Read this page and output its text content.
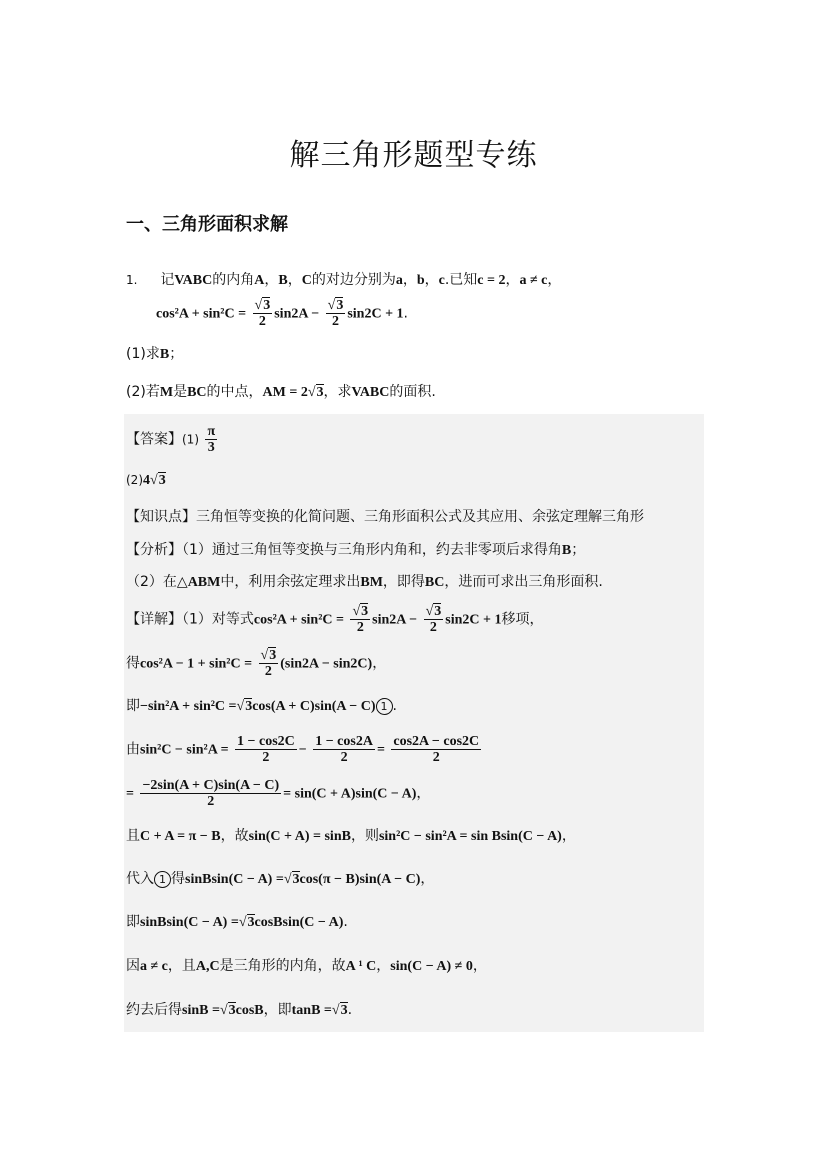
解三角形题型专练
一、三角形面积求解
1. 记VABC的内角A，B，C的对边分别为a，b，c.已知c = 2，a ≠ c，
$\cos^2A + \sin^2C = \frac{√3}{2} \sin 2A - \frac{√3}{2} \sin 2C + 1$.
(1)求B；
(2)若M是BC的中点，AM = 2√3，求VABC的面积.
【答案】$(1) \frac{\pi}{3}$
(2)4√3
【知识点】三角恒等变换的化简问题、三角形面积公式及其应用、余弦定理解三角形
【分析】（1）通过三角恒等变换与三角形内角和，约去非零项后求得角B；
（2）在△ABM中，利用余弦定理求出BM，即得BC，进而可求出三角形面积.
【详解】（1）对等式$\cos^2A + \sin^2C = \frac{√3}{2} \sin 2A - \frac{√3}{2} \sin 2C + 1$移项，
得$\cos^2A - 1 + \sin^2C = \frac{√3}{2} (\sin 2A - \sin 2C)$，
即−sin²A + sin²C =√3cos(A + C)sin(A − C) 1 .
由$\sin^2C - \sin^2A = \frac{1 - \cos 2C}{2} - \frac{1 - \cos 2A}{2} = \frac{\cos 2A - \cos 2C}{2}$
= $\frac{-2\sin(A + C)\sin(A - C)}{2} = \sin(C + A)\sin(C - A)$，
且C + A = π − B，故sin(C + A) = sinB，则sin²C − sin²A = sin Bsin(C − A)，
代入 1 得sinBsin(C − A) =√3cos(π − B)sin(A − C)，
即sinBsin(C − A) =√3cosBsin(C − A).
因a ≠ c，且A,C是三角形的内角，故A ¹ C，sin(C − A) ≠ 0，
约去后得sinB =√3cosB，即tanB =√3.
